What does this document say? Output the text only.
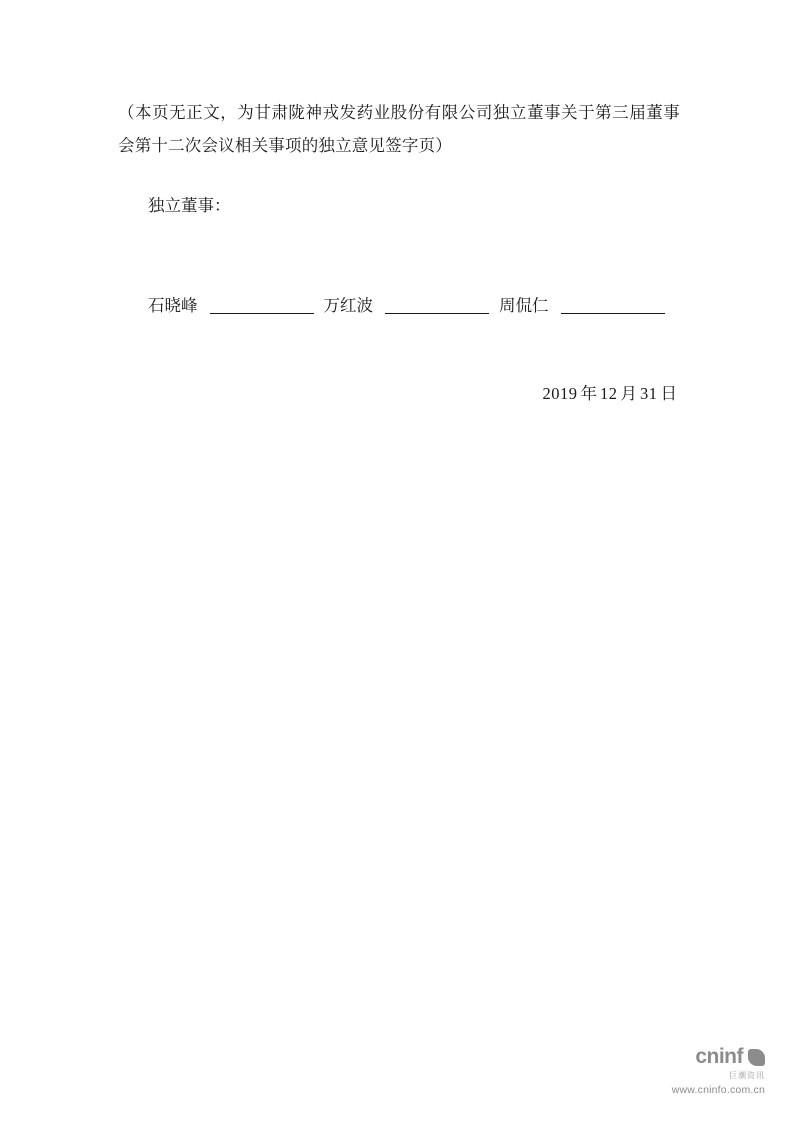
（本页无正文，为甘肃陇神戎发药业股份有限公司独立董事关于第三届董事会第十二次会议相关事项的独立意见签字页）

独立董事：
石晓峰	万红波	周侃仁
2019 年 12 月 31 日
cninf
巨潮资讯
www.cninfo.com.cn
